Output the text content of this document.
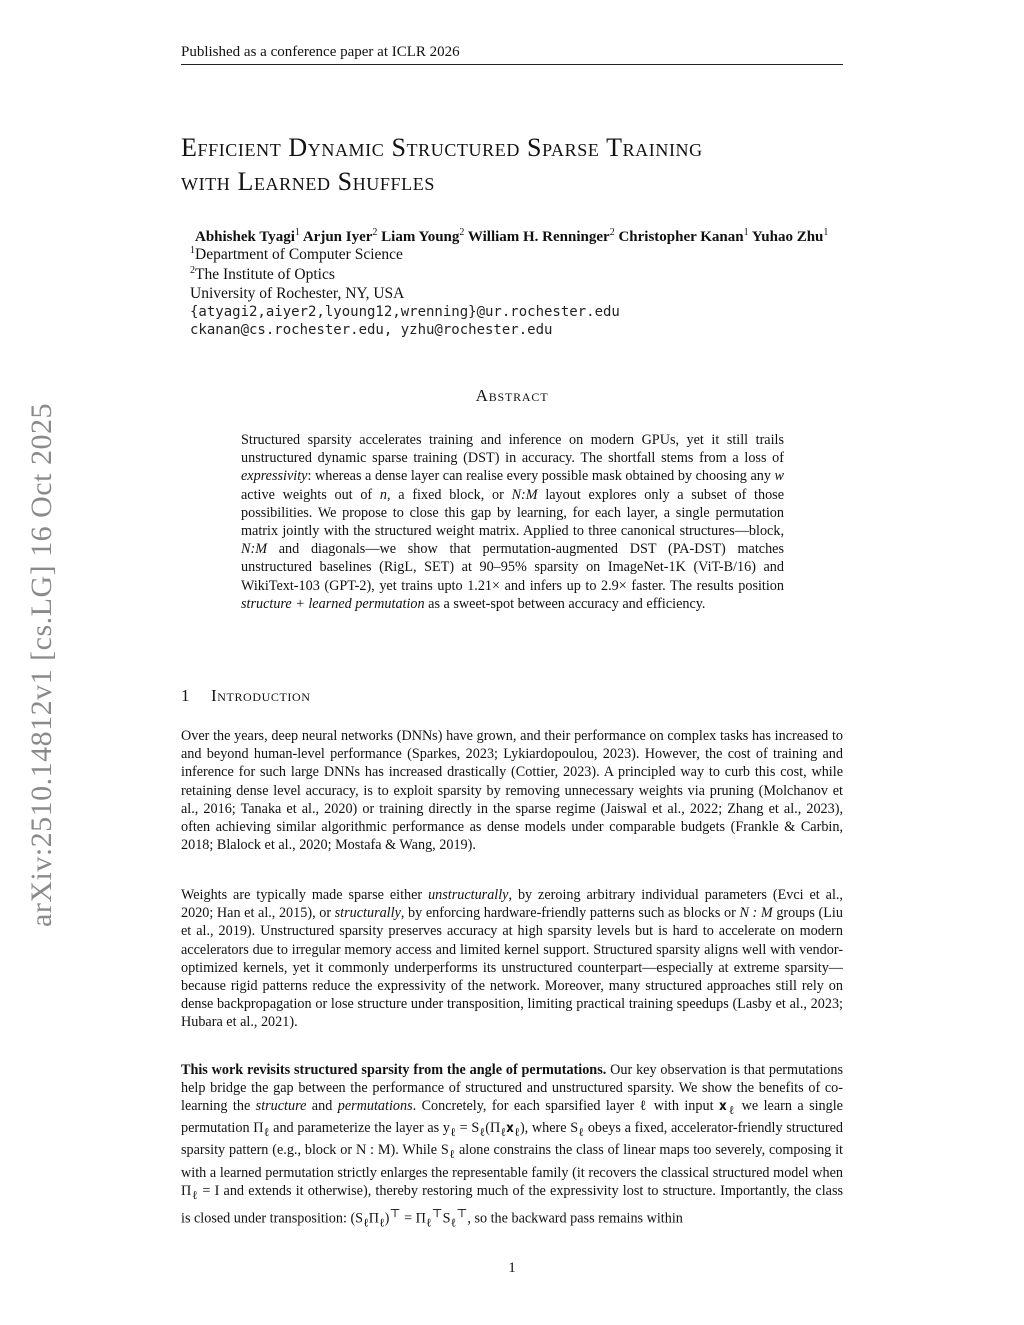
Published as a conference paper at ICLR 2026
arXiv:2510.14812v1 [cs.LG] 16 Oct 2025
Efficient Dynamic Structured Sparse Training
with Learned Shuffles
Abhishek Tyagi$^1$ Arjun Iyer$^2$ Liam Young$^2$ William H. Renninger$^2$ Christopher Kanan$^1$ Yuhao Zhu$^1$
$^1$Department of Computer Science
$^2$The Institute of Optics
University of Rochester, NY, USA
{atyagi2,aiyer2,lyoung12,wrenning}@ur.rochester.edu
ckanan@cs.rochester.edu, yzhu@rochester.edu
Abstract
Structured sparsity accelerates training and inference on modern GPUs, yet it still trails unstructured dynamic sparse training (DST) in accuracy. The shortfall stems from a loss of expressivity: whereas a dense layer can realise every possible mask obtained by choosing any w active weights out of n, a fixed block, or N:M layout explores only a subset of those possibilities. We propose to close this gap by learning, for each layer, a single permutation matrix jointly with the structured weight matrix. Applied to three canonical structures—block, N:M and diagonals—we show that permutation-augmented DST (PA-DST) matches unstructured baselines (RigL, SET) at 90–95% sparsity on ImageNet-1K (ViT-B/16) and WikiText-103 (GPT-2), yet trains upto 1.21× and infers up to 2.9× faster. The results position structure + learned permutation as a sweet-spot between accuracy and efficiency.
1 Introduction
Over the years, deep neural networks (DNNs) have grown, and their performance on complex tasks has increased to and beyond human-level performance (Sparkes, 2023; Lykiardopoulou, 2023). However, the cost of training and inference for such large DNNs has increased drastically (Cottier, 2023). A principled way to curb this cost, while retaining dense level accuracy, is to exploit sparsity by removing unnecessary weights via pruning (Molchanov et al., 2016; Tanaka et al., 2020) or training directly in the sparse regime (Jaiswal et al., 2022; Zhang et al., 2023), often achieving similar algorithmic performance as dense models under comparable budgets (Frankle & Carbin, 2018; Blalock et al., 2020; Mostafa & Wang, 2019).
Weights are typically made sparse either unstructurally, by zeroing arbitrary individual parameters (Evci et al., 2020; Han et al., 2015), or structurally, by enforcing hardware-friendly patterns such as blocks or N : M groups (Liu et al., 2019). Unstructured sparsity preserves accuracy at high sparsity levels but is hard to accelerate on modern accelerators due to irregular memory access and limited kernel support. Structured sparsity aligns well with vendor-optimized kernels, yet it commonly underperforms its unstructured counterpart—especially at extreme sparsity—because rigid patterns reduce the expressivity of the network. Moreover, many structured approaches still rely on dense backpropagation or lose structure under transposition, limiting practical training speedups (Lasby et al., 2023; Hubara et al., 2021).
This work revisits structured sparsity from the angle of permutations. Our key observation is that permutations help bridge the gap between the performance of structured and unstructured sparsity. We show the benefits of co-learning the structure and permutations. Concretely, for each sparsified layer ℓ with input 𝐱$_\ell$ we learn a single permutation $\Pi_\ell$ and parameterize the layer as $y_\ell$ = $S_\ell(\Pi_\ell 𝐱_\ell)$, where $S_\ell$ obeys a fixed, accelerator-friendly structured sparsity pattern (e.g., block or N : M). While $S_\ell$ alone constrains the class of linear maps too severely, composing it with a learned permutation strictly enlarges the representable family (it recovers the classical structured model when $\Pi_\ell = I$ and extends it otherwise), thereby restoring much of the expressivity lost to structure. Importantly, the class is closed under transposition: $(S_\ell\Pi_\ell)^⊤ = \Pi_\ell^⊤S_\ell^⊤$, so the backward pass remains within
1
